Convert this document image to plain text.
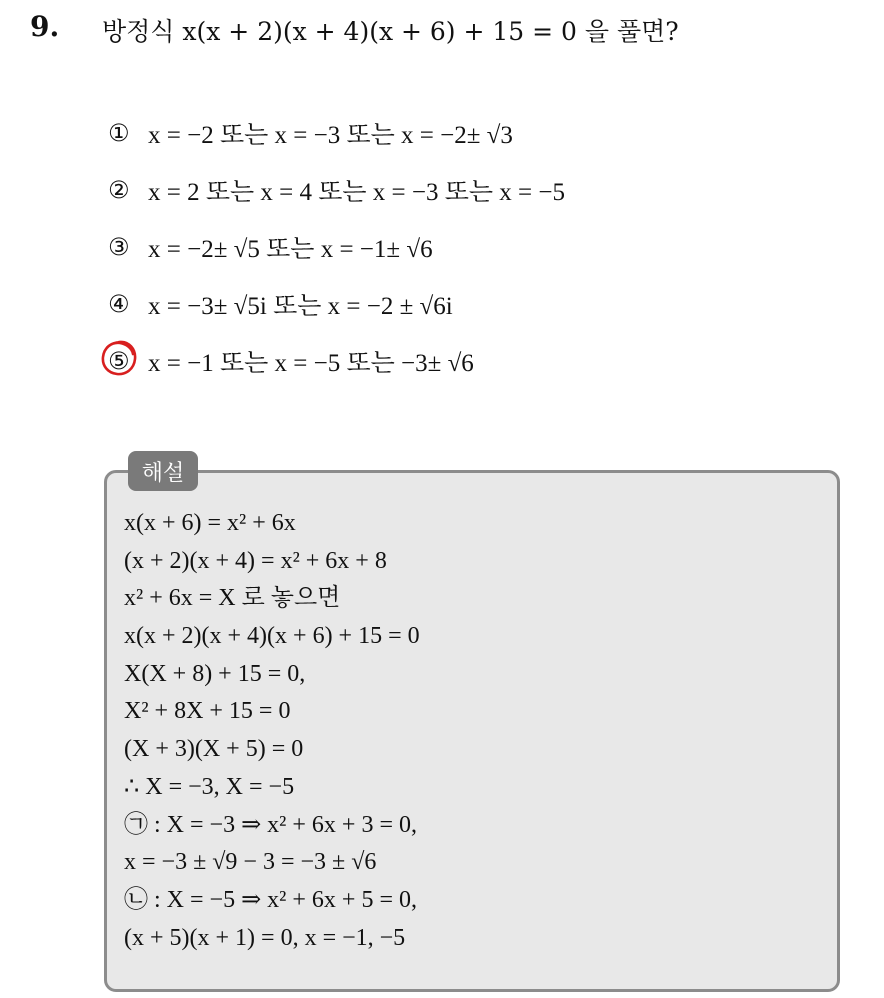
9. 방정식 x(x + 2)(x + 4)(x + 6) + 15 = 0 을 풀면?
① x = −2 또는 x = −3 또는 x = −2± √3
② x = 2 또는 x = 4 또는 x = −3 또는 x = −5
③ x = −2± √5 또는 x = −1± √6
④ x = −3± √5i 또는 x = −2 ± √6i
⑤ x = −1 또는 x = −5 또는 −3± √6
해설
x(x + 6) = x² + 6x
(x + 2)(x + 4) = x² + 6x + 8
x² + 6x = X 로 놓으면
x(x + 2)(x + 4)(x + 6) + 15 = 0
X(X + 8) + 15 = 0,
X² + 8X + 15 = 0
(X + 3)(X + 5) = 0
∴ X = −3, X = −5
㉠ : X = −3 ⇒ x² + 6x + 3 = 0,
x = −3 ± √9 − 3 = −3 ± √6
㉡ : X = −5 ⇒ x² + 6x + 5 = 0,
(x + 5)(x + 1) = 0, x = −1, −5
